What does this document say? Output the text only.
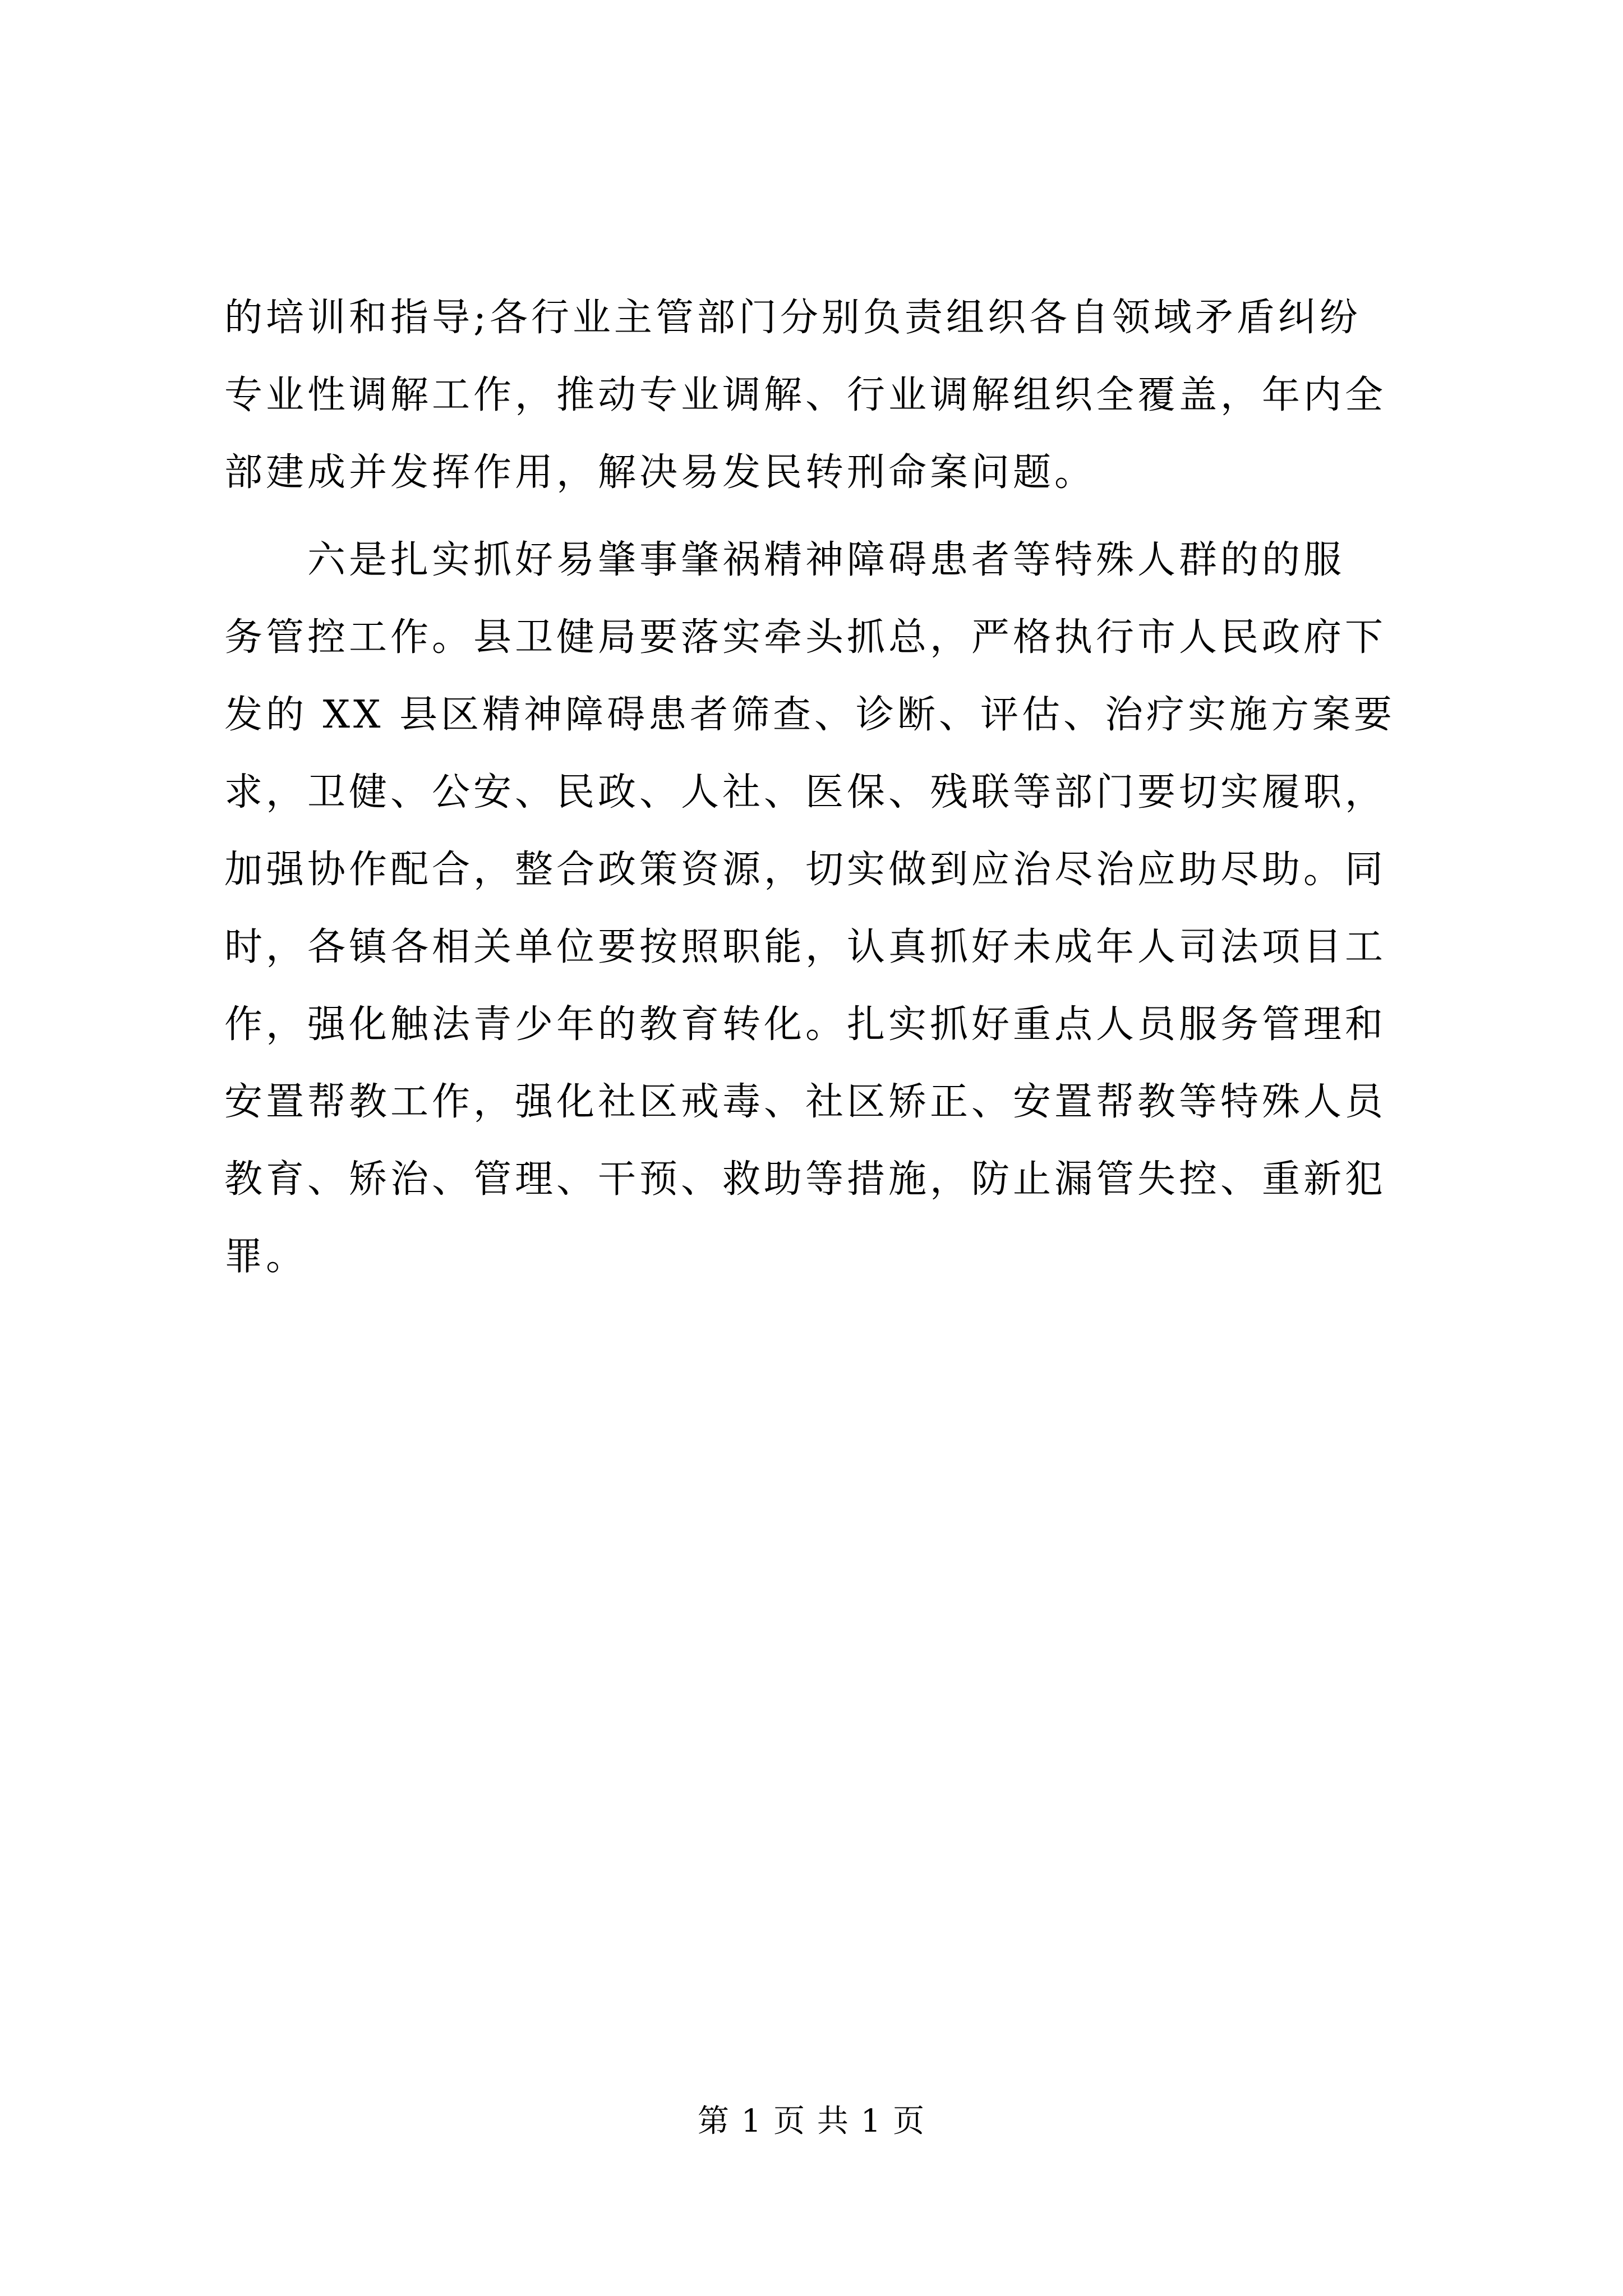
的培训和指导;各行业主管部门分别负责组织各自领域矛盾纠纷
专业性调解工作，推动专业调解、行业调解组织全覆盖，年内全
部建成并发挥作用，解决易发民转刑命案问题。
　　六是扎实抓好易肇事肇祸精神障碍患者等特殊人群的的服
务管控工作。县卫健局要落实牵头抓总，严格执行市人民政府下
发的 XX 县区精神障碍患者筛查、诊断、评估、治疗实施方案要
求，卫健、公安、民政、人社、医保、残联等部门要切实履职，
加强协作配合，整合政策资源，切实做到应治尽治应助尽助。同
时，各镇各相关单位要按照职能，认真抓好未成年人司法项目工
作，强化触法青少年的教育转化。扎实抓好重点人员服务管理和
安置帮教工作，强化社区戒毒、社区矫正、安置帮教等特殊人员
教育、矫治、管理、干预、救助等措施，防止漏管失控、重新犯
罪。
第 1 页 共 1 页
